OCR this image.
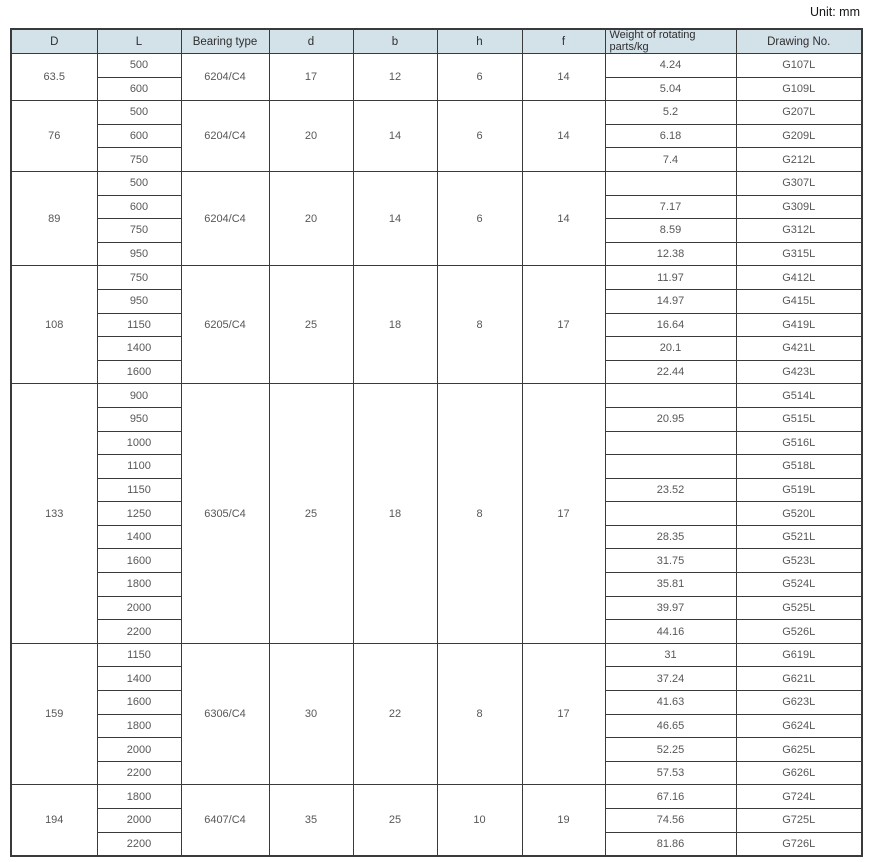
Unit: mm
D	L	Bearing type	d	b	h	f	Weight of rotating parts/kg	Drawing No.
63.5	500	6204/C4	17	12	6	14	4.24	G107L
	600						5.04	G109L
76	500	6204/C4	20	14	6	14	5.2	G207L
	600						6.18	G209L
	750						7.4	G212L
89	500	6204/C4	20	14	6	14		G307L
	600						7.17	G309L
	750						8.59	G312L
	950						12.38	G315L
108	750	6205/C4	25	18	8	17	11.97	G412L
	950						14.97	G415L
	1150						16.64	G419L
	1400						20.1	G421L
	1600						22.44	G423L
133	900	6305/C4	25	18	8	17		G514L
	950						20.95	G515L
	1000							G516L
	1100							G518L
	1150						23.52	G519L
	1250							G520L
	1400						28.35	G521L
	1600						31.75	G523L
	1800						35.81	G524L
	2000						39.97	G525L
	2200						44.16	G526L
159	1150	6306/C4	30	22	8	17	31	G619L
	1400						37.24	G621L
	1600						41.63	G623L
	1800						46.65	G624L
	2000						52.25	G625L
	2200						57.53	G626L
194	1800	6407/C4	35	25	10	19	67.16	G724L
	2000						74.56	G725L
	2200						81.86	G726L
